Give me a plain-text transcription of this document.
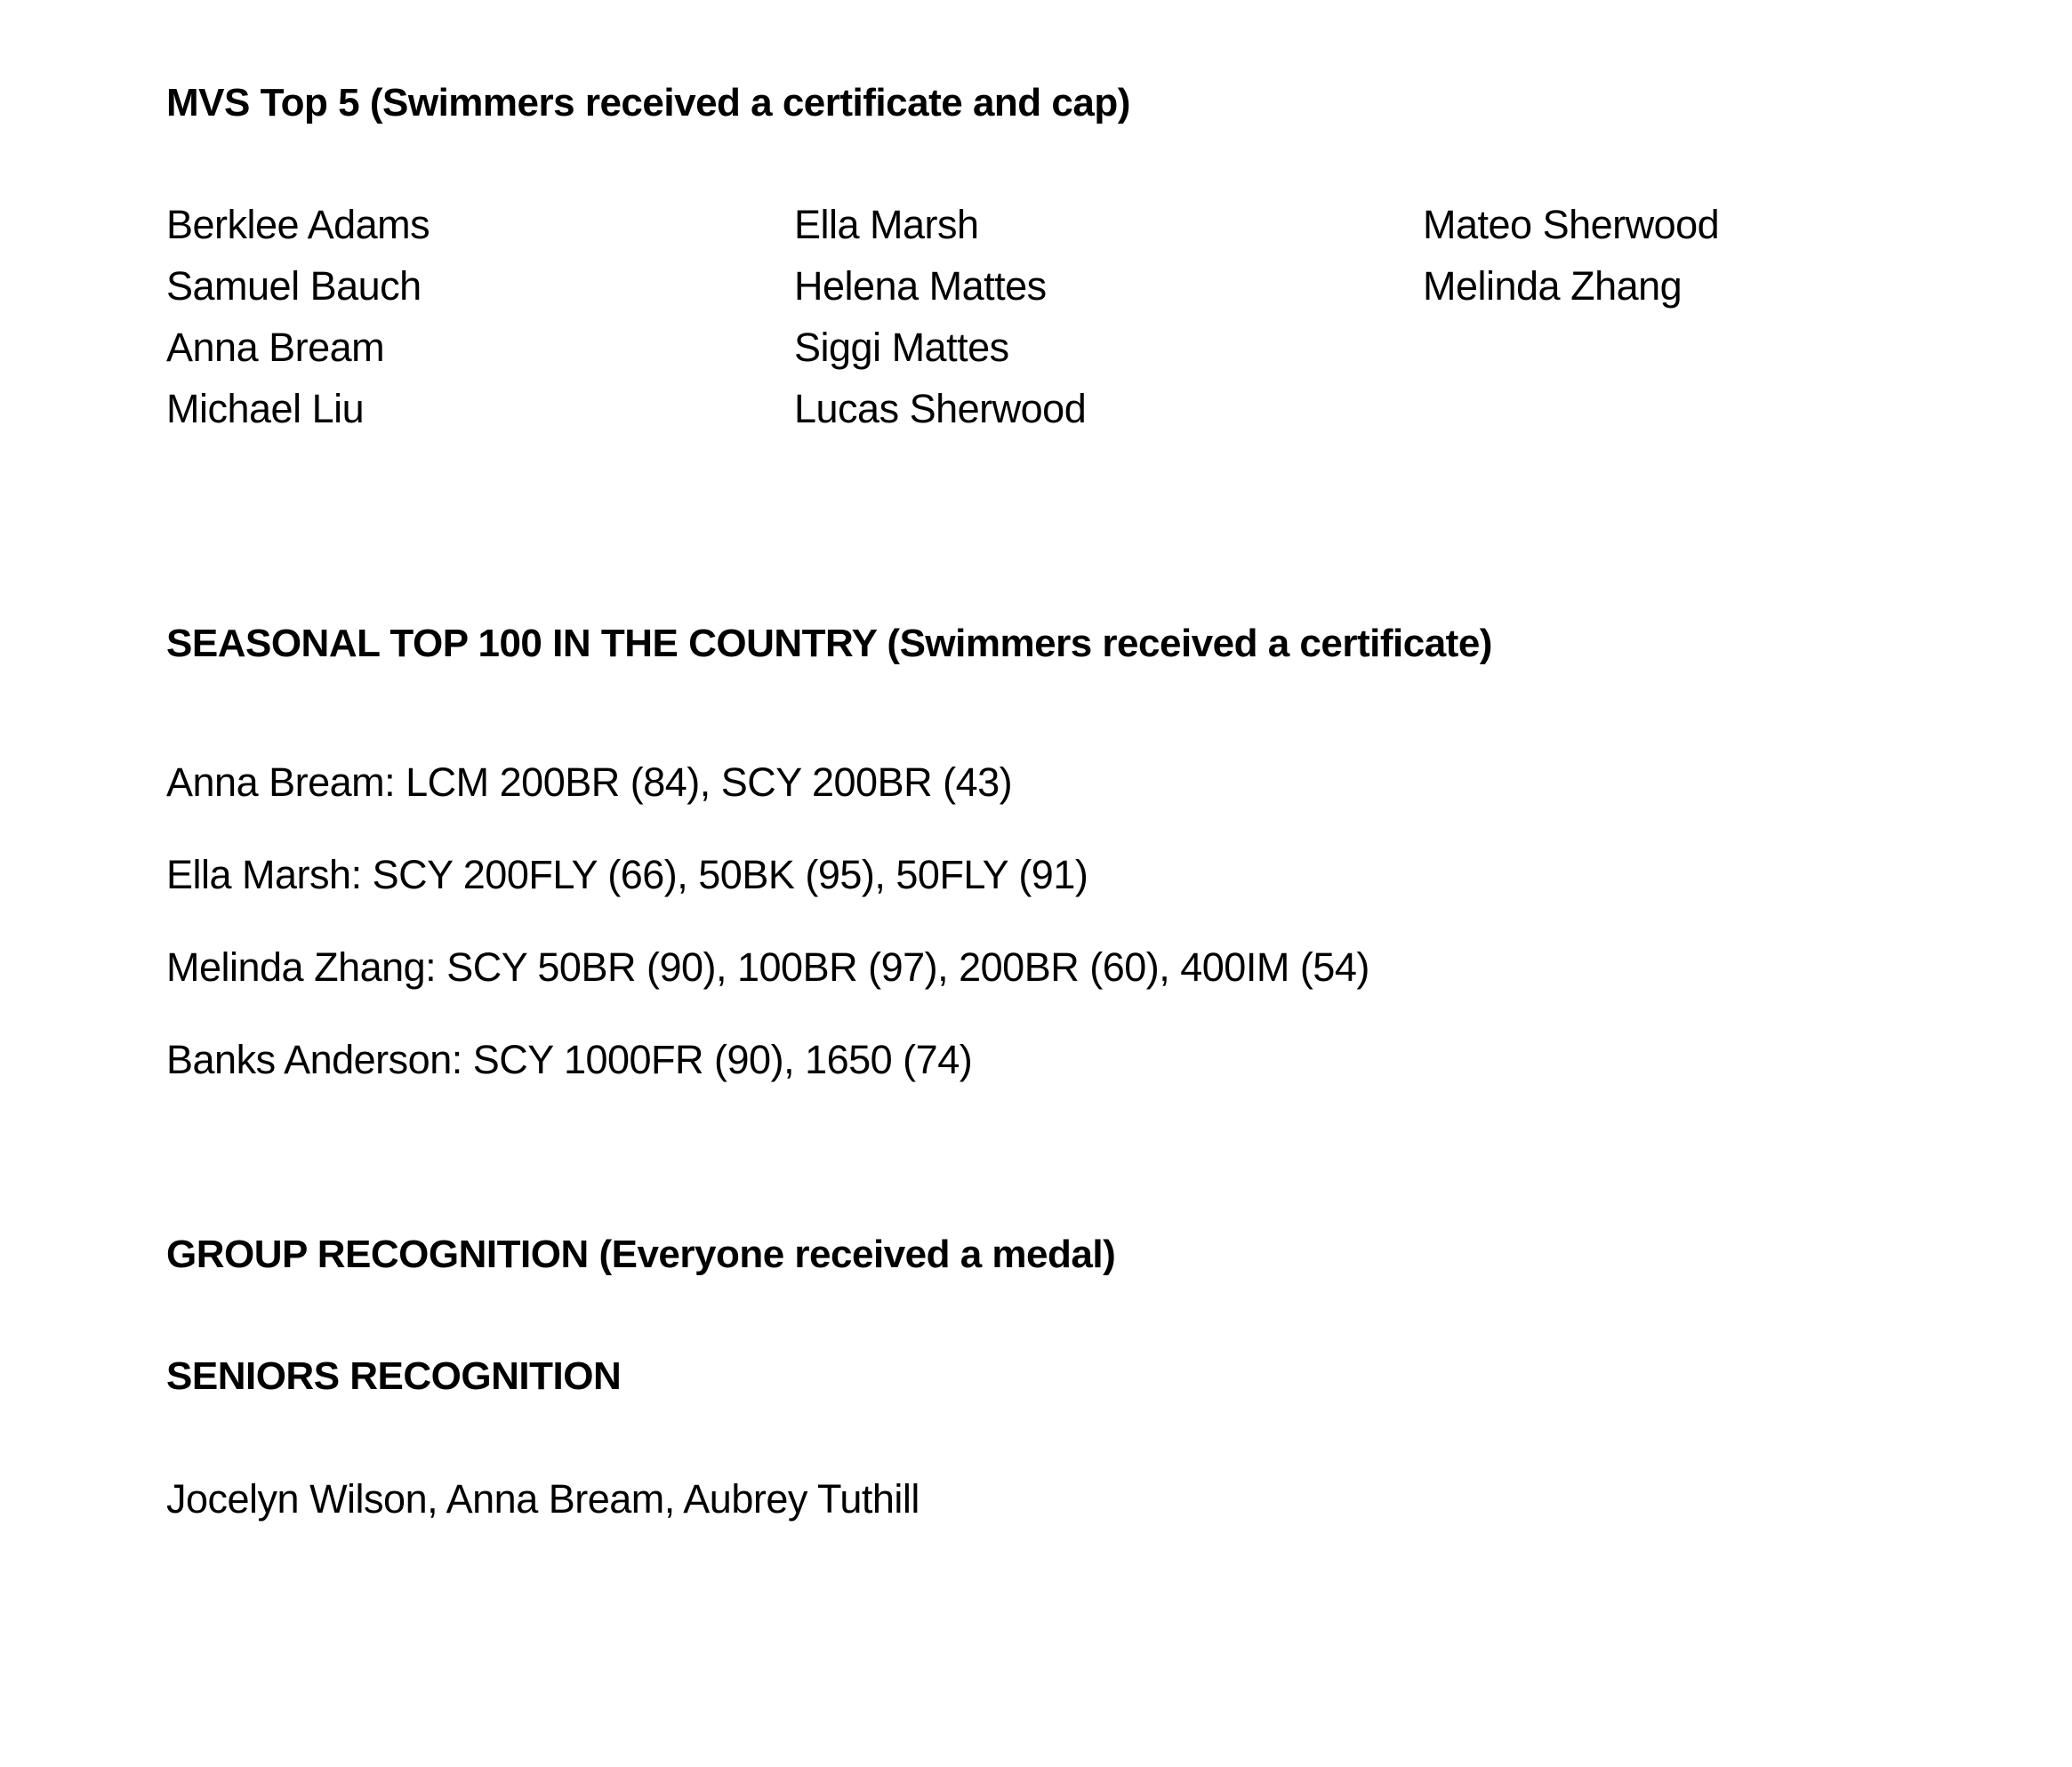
MVS Top 5 (Swimmers received a certificate and cap)
Berklee Adams
Samuel Bauch
Anna Bream
Michael Liu
Ella Marsh
Helena Mattes
Siggi Mattes
Lucas Sherwood
Mateo Sherwood
Melinda Zhang
SEASONAL TOP 100 IN THE COUNTRY (Swimmers received a certificate)
Anna Bream: LCM 200BR (84), SCY 200BR (43)
Ella Marsh: SCY 200FLY (66), 50BK (95), 50FLY (91)
Melinda Zhang: SCY 50BR (90), 100BR (97), 200BR (60), 400IM (54)
Banks Anderson: SCY 1000FR (90), 1650 (74)
GROUP RECOGNITION (Everyone received a medal)
SENIORS RECOGNITION

Jocelyn Wilson, Anna Bream, Aubrey Tuthill
